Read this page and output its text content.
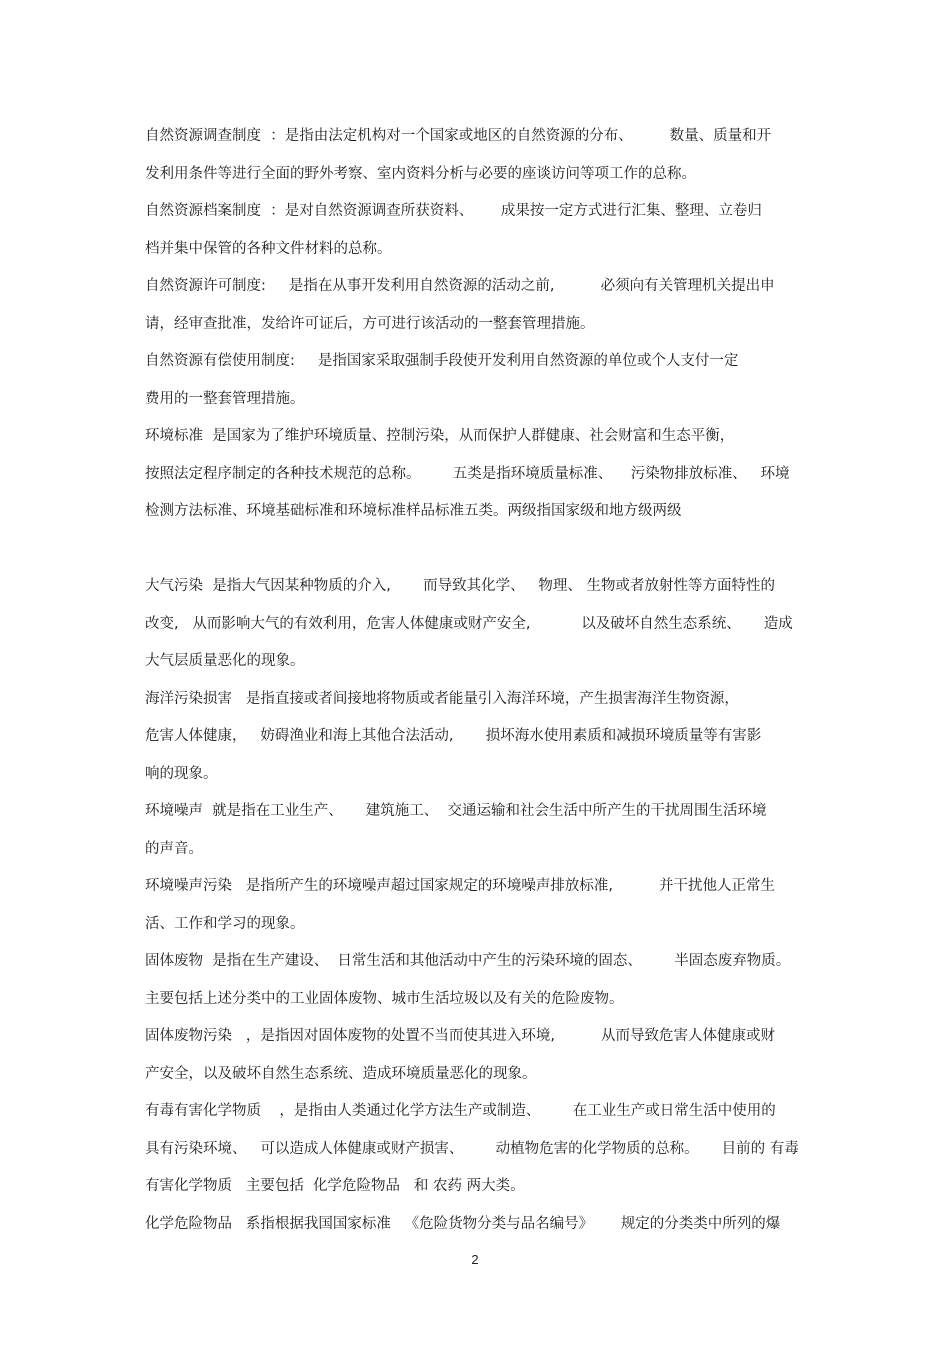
自然资源调查制度  ：是指由法定机构对一个国家或地区的自然资源的分布、        数量、质量和开
发利用条件等进行全面的野外考察、室内资料分析与必要的座谈访问等项工作的总称。
自然资源档案制度  ：是对自然资源调查所获资料、      成果按一定方式进行汇集、整理、立卷归
档并集中保管的各种文件材料的总称。
自然资源许可制度:     是指在从事开发利用自然资源的活动之前,          必须向有关管理机关提出申
请，经审查批准，发给许可证后，方可进行该活动的一整套管理措施。
自然资源有偿使用制度:     是指国家采取强制手段使开发利用自然资源的单位或个人支付一定
费用的一整套管理措施。
环境标准  是国家为了维护环境质量、控制污染，从而保护人群健康、社会财富和生态平衡，
按照法定程序制定的各种技术规范的总称。       五类是指环境质量标准、    污染物排放标准、   环境
检测方法标准、环境基础标准和环境标准样品标准五类。两级指国家级和地方级两级
大气污染  是指大气因某种物质的介入,       而导致其化学、   物理、 生物或者放射性等方面特性的
改变,   从而影响大气的有效利用，危害人体健康或财产安全,           以及破坏自然生态系统、     造成
大气层质量恶化的现象。
海洋污染损害   是指直接或者间接地将物质或者能量引入海洋环境，产生损害海洋生物资源，
危害人体健康，   妨碍渔业和海上其他合法活动,       损坏海水使用素质和减损环境质量等有害影
响的现象。
环境噪声  就是指在工业生产、     建筑施工、  交通运输和社会生活中所产生的干扰周围生活环境
的声音。
环境噪声污染   是指所产生的环境噪声超过国家规定的环境噪声排放标准,          并干扰他人正常生
活、工作和学习的现象。
固体废物  是指在生产建设、  日常生活和其他活动中产生的污染环境的固态、       半固态废弃物质。
主要包括上述分类中的工业固体废物、城市生活垃圾以及有关的危险废物。
固体废物污染   ，是指因对固体废物的处置不当而使其进入环境,          从而导致危害人体健康或财
产安全，以及破坏自然生态系统、造成环境质量恶化的现象。
有毒有害化学物质    ，是指由人类通过化学方法生产或制造、       在工业生产或日常生活中使用的
具有污染环境、   可以造成人体健康或财产损害、       动植物危害的化学物质的总称。     目前的 有毒
有害化学物质   主要包括  化学危险物品   和 农药 两大类。
化学危险物品   系指根据我国国家标准   《危险货物分类与品名编号》      规定的分类类中所列的爆
2
